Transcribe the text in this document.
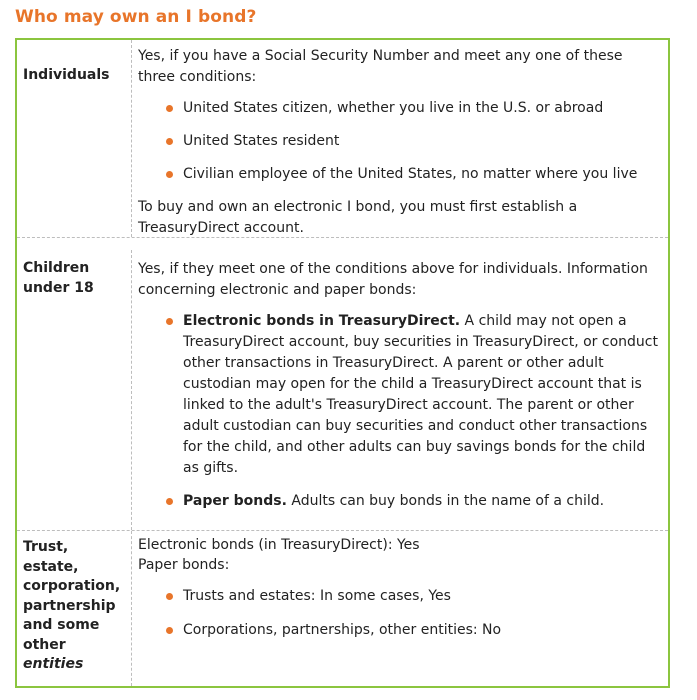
Who may own an I bond?
Individuals

Yes, if you have a Social Security Number and meet any one of these three conditions:

United States citizen, whether you live in the U.S. or abroad
United States resident
Civilian employee of the United States, no matter where you live

To buy and own an electronic I bond, you must first establish a TreasuryDirect account.

Children under 18

Yes, if they meet one of the conditions above for individuals. Information concerning electronic and paper bonds:

Electronic bonds in TreasuryDirect. A child may not open a TreasuryDirect account, buy securities in TreasuryDirect, or conduct other transactions in TreasuryDirect. A parent or other adult custodian may open for the child a TreasuryDirect account that is linked to the adult's TreasuryDirect account. The parent or other adult custodian can buy securities and conduct other transactions for the child, and other adults can buy savings bonds for the child as gifts.
Paper bonds. Adults can buy bonds in the name of a child.
Trust, estate, corporation, partnership and some other entities

Electronic bonds (in TreasuryDirect): Yes

Paper bonds:

Trusts and estates: In some cases, Yes
Corporations, partnerships, other entities: No
